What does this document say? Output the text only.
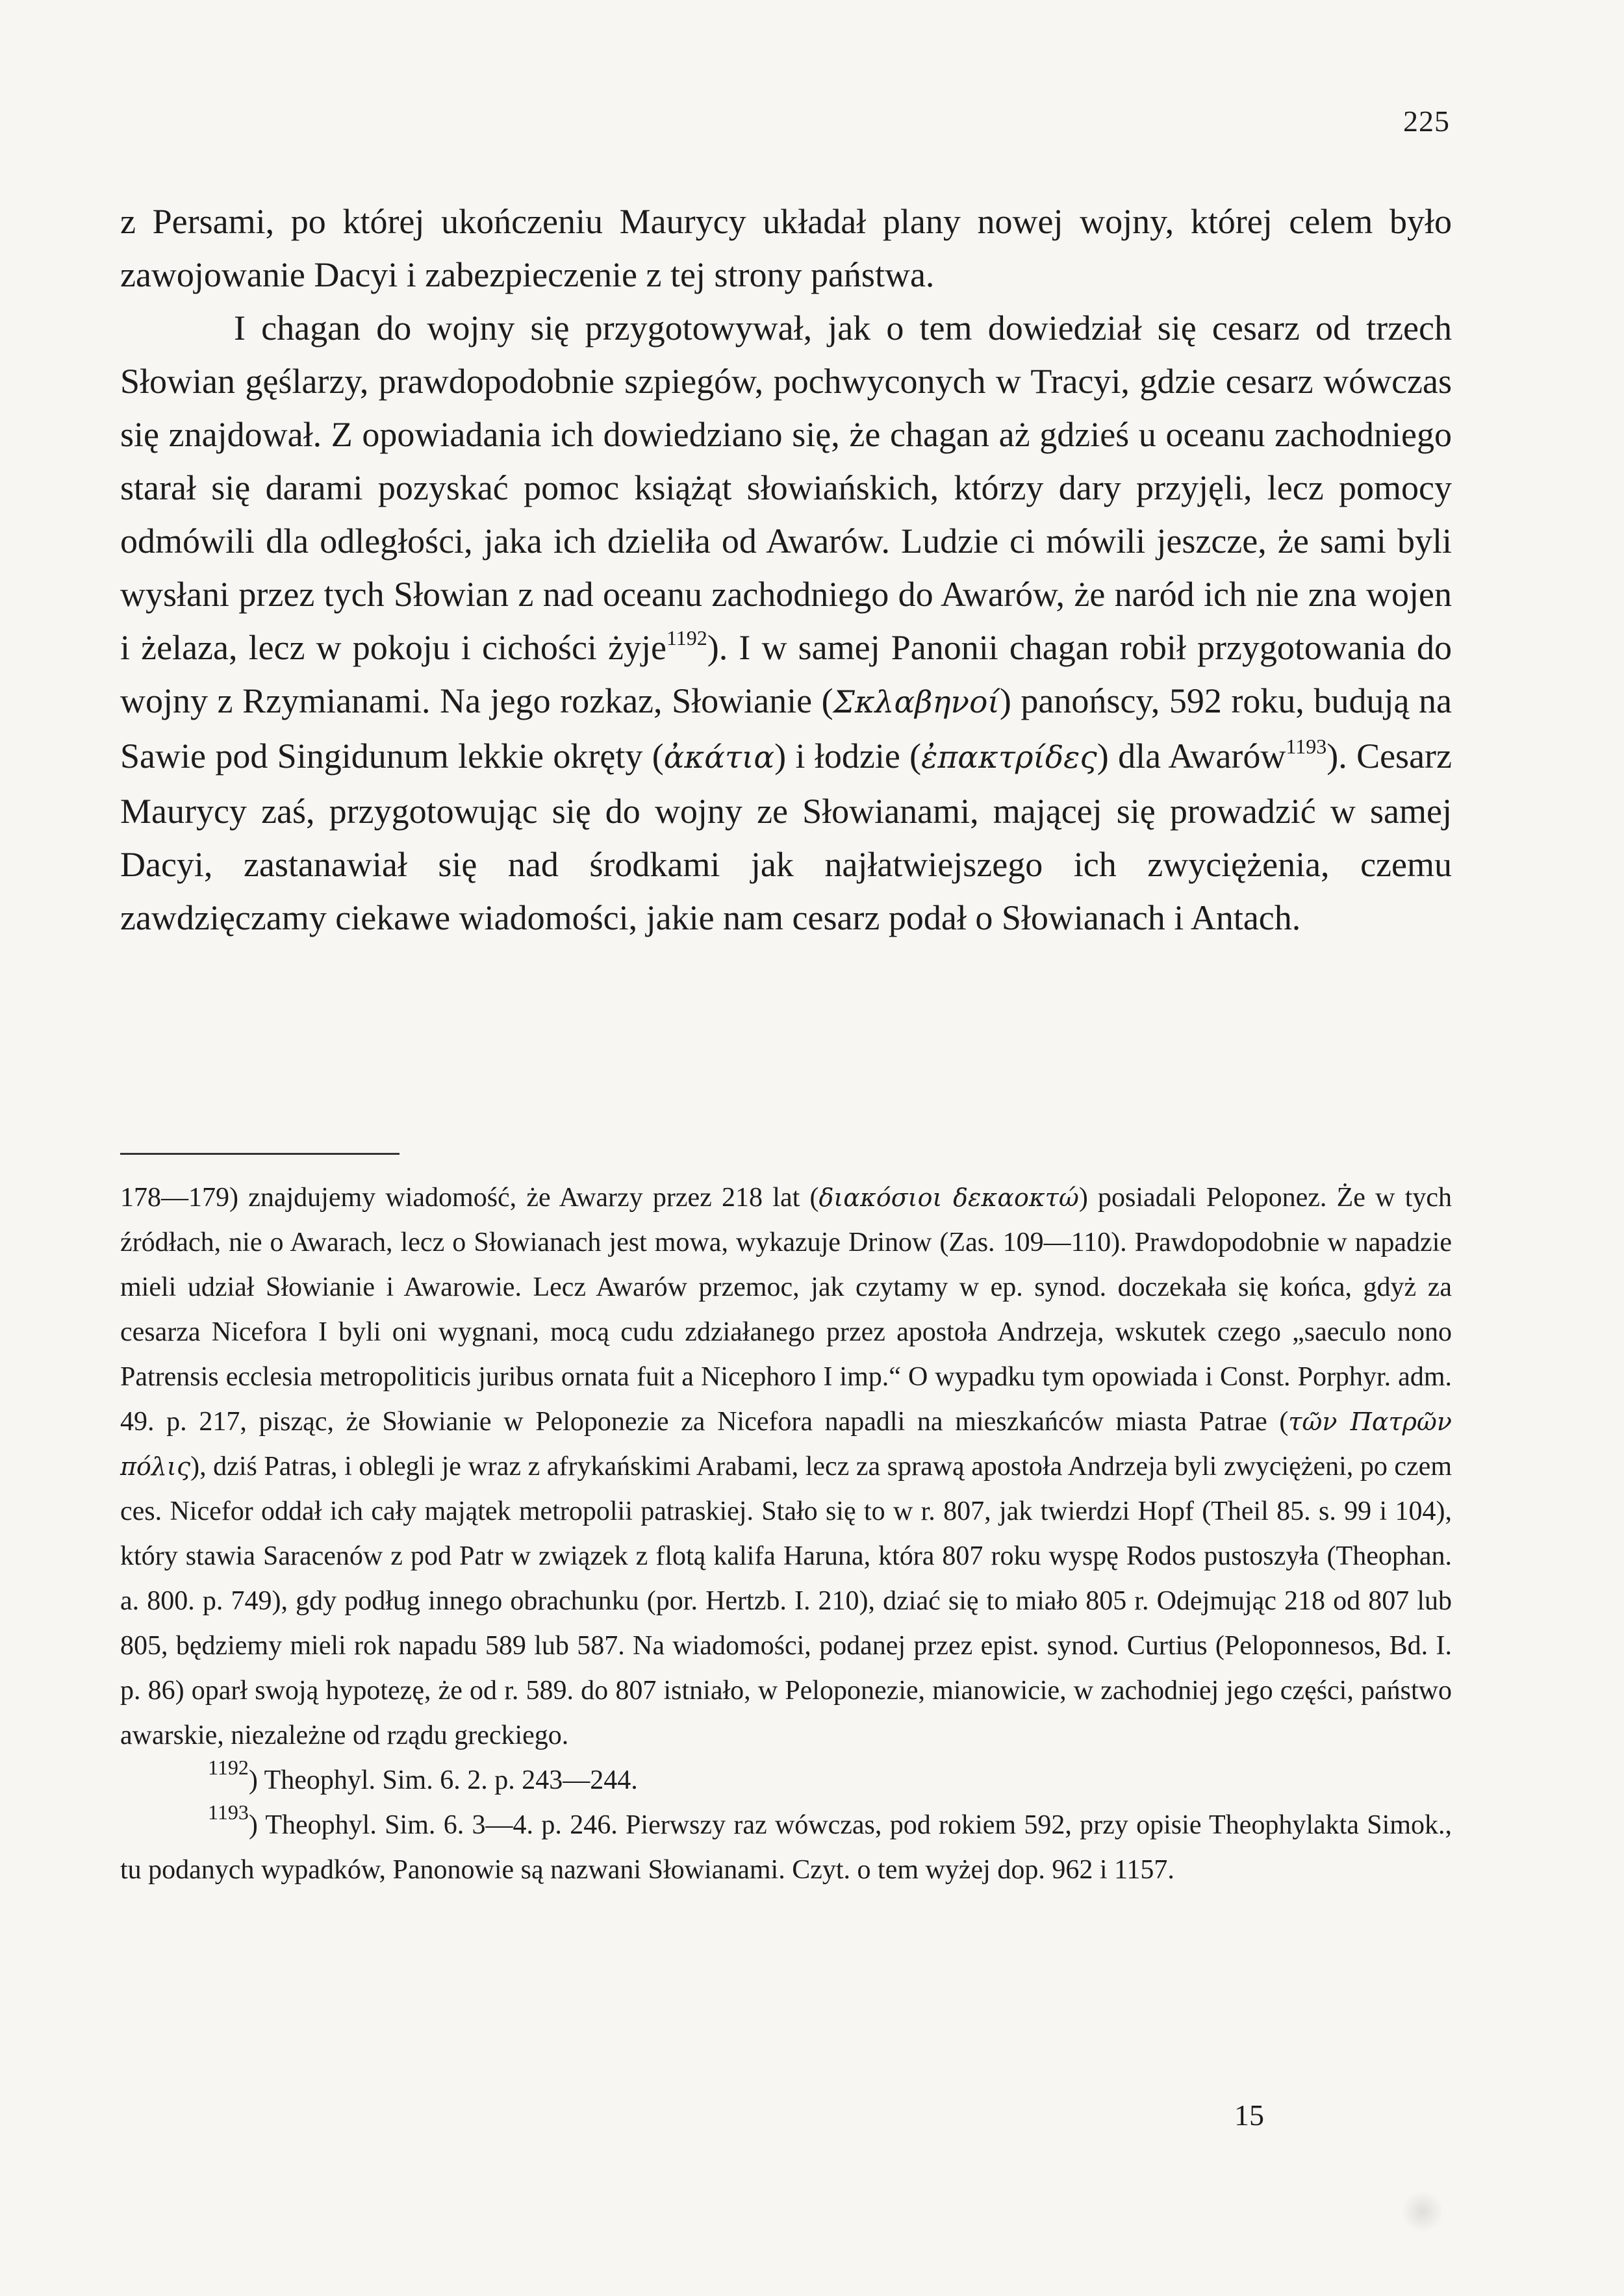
225

z Persami, po której ukończeniu Maurycy układał plany nowej wojny, której celem było zawojowanie Dacyi i zabezpieczenie z tej strony państwa.

I chagan do wojny się przygotowywał, jak o tem dowiedział się cesarz od trzech Słowian gęślarzy, prawdopodobnie szpiegów, pochwyconych w Tracyi, gdzie cesarz wówczas się znajdował. Z opowiadania ich dowiedziano się, że chagan aż gdzieś u oceanu zachodniego starał się darami pozyskać pomoc książąt słowiańskich, którzy dary przyjęli, lecz pomocy odmówili dla odległości, jaka ich dzieliła od Awarów. Ludzie ci mówili jeszcze, że sami byli wysłani przez tych Słowian z nad oceanu zachodniego do Awarów, że naród ich nie zna wojen i żelaza, lecz w pokoju i cichości żyje$^{1192}$). I w samej Panonii chagan robił przygotowania do wojny z Rzymianami. Na jego rozkaz, Słowianie (Σκλαβηνοί) panońscy, 592 roku, budują na Sawie pod Singidunum lekkie okręty (ἀκάτια) i łodzie (ἐπακτρίδες) dla Awarów$^{1193}$). Cesarz Maurycy zaś, przygotowując się do wojny ze Słowianami, mającej się prowadzić w samej Dacyi, zastanawiał się nad środkami jak najłatwiejszego ich zwyciężenia, czemu zawdzięczamy ciekawe wiadomości, jakie nam cesarz podał o Słowianach i Antach.

178—179) znajdujemy wiadomość, że Awarzy przez 218 lat (διακόσιοι δεκαοκτώ) posiadali Peloponez. Że w tych źródłach, nie o Awarach, lecz o Słowianach jest mowa, wykazuje Drinow (Zas. 109—110). Prawdopodobnie w napadzie mieli udział Słowianie i Awarowie. Lecz Awarów przemoc, jak czytamy w ep. synod. doczekała się końca, gdyż za cesarza Nicefora I byli oni wygnani, mocą cudu zdziałanego przez apostoła Andrzeja, wskutek czego „saeculo nono Patrensis ecclesia metropoliticis juribus ornata fuit a Nicephoro I imp.“ O wypadku tym opowiada i Const. Porphyr. adm. 49. p. 217, pisząc, że Słowianie w Peloponezie za Nicefora napadli na mieszkańców miasta Patrae (τῶν Πατρῶν πόλις), dziś Patras, i oblegli je wraz z afrykańskimi Arabami, lecz za sprawą apostoła Andrzeja byli zwyciężeni, po czem ces. Nicefor oddał ich cały majątek metropolii patraskiej. Stało się to w r. 807, jak twierdzi Hopf (Theil 85. s. 99 i 104), który stawia Saracenów z pod Patr w związek z flotą kalifa Haruna, która 807 roku wyspę Rodos pustoszyła (Theophan. a. 800. p. 749), gdy podług innego obrachunku (por. Hertzb. I. 210), dziać się to miało 805 r. Odejmując 218 od 807 lub 805, będziemy mieli rok napadu 589 lub 587. Na wiadomości, podanej przez epist. synod. Curtius (Peloponnesos, Bd. I. p. 86) oparł swoją hypotezę, że od r. 589. do 807 istniało, w Peloponezie, mianowicie, w zachodniej jego części, państwo awarskie, niezależne od rządu greckiego.

$^{1192}$) Theophyl. Sim. 6. 2. p. 243—244.

$^{1193}$) Theophyl. Sim. 6. 3—4. p. 246. Pierwszy raz wówczas, pod rokiem 592, przy opisie Theophylakta Simok., tu podanych wypadków, Panonowie są nazwani Słowianami. Czyt. o tem wyżej dop. 962 i 1157.

15
